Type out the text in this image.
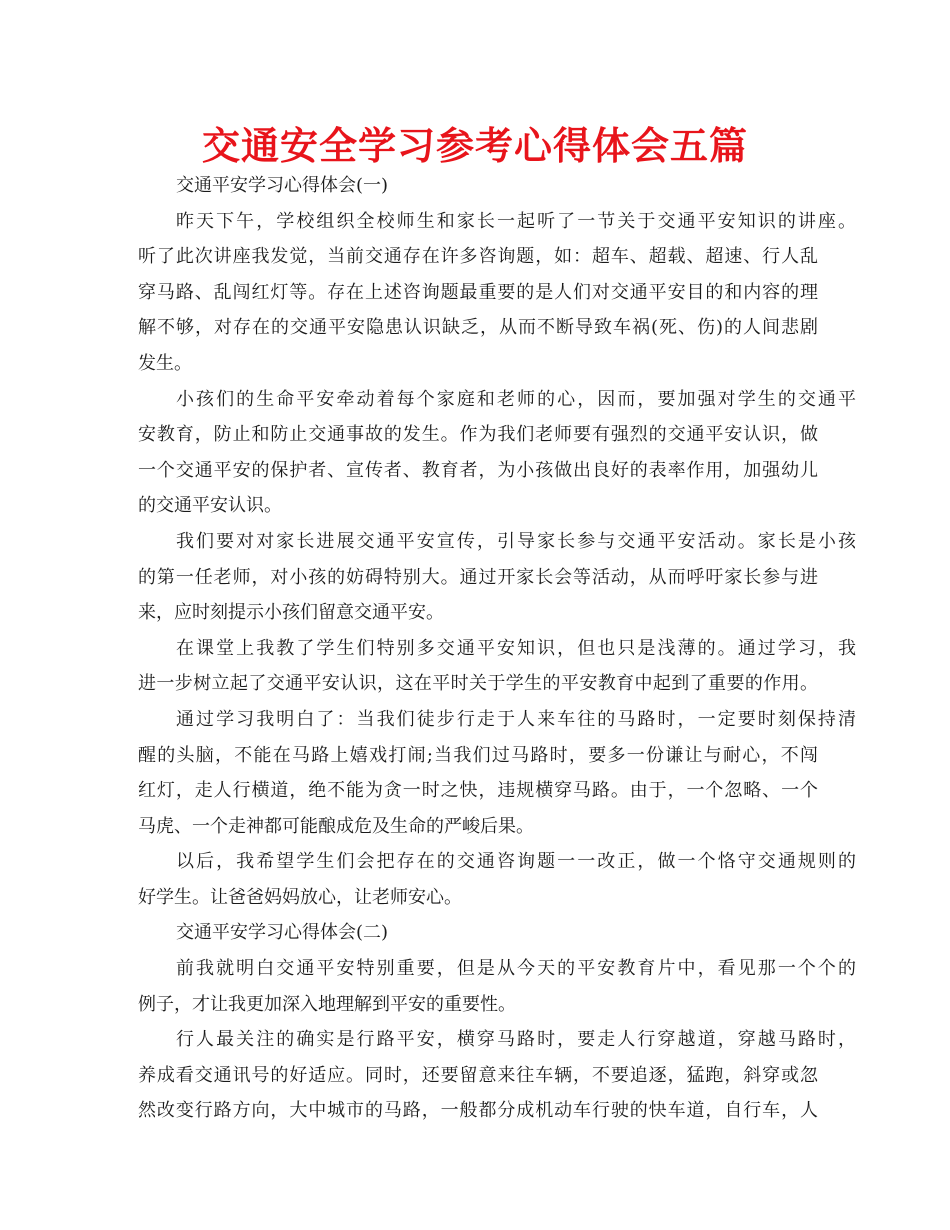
交通安全学习参考心得体会五篇
交通平安学习心得体会(一)
昨天下午，学校组织全校师生和家长一起听了一节关于交通平安知识的讲座。
听了此次讲座我发觉，当前交通存在许多咨询题，如：超车、超载、超速、行人乱
穿马路、乱闯红灯等。存在上述咨询题最重要的是人们对交通平安目的和内容的理
解不够，对存在的交通平安隐患认识缺乏，从而不断导致车祸(死、伤)的人间悲剧
发生。
小孩们的生命平安牵动着每个家庭和老师的心，因而，要加强对学生的交通平
安教育，防止和防止交通事故的发生。作为我们老师要有强烈的交通平安认识，做
一个交通平安的保护者、宣传者、教育者，为小孩做出良好的表率作用，加强幼儿
的交通平安认识。
我们要对对家长进展交通平安宣传，引导家长参与交通平安活动。家长是小孩
的第一任老师，对小孩的妨碍特别大。通过开家长会等活动，从而呼吁家长参与进
来，应时刻提示小孩们留意交通平安。
在课堂上我教了学生们特别多交通平安知识，但也只是浅薄的。通过学习，我
进一步树立起了交通平安认识，这在平时关于学生的平安教育中起到了重要的作用。
通过学习我明白了：当我们徒步行走于人来车往的马路时，一定要时刻保持清
醒的头脑，不能在马路上嬉戏打闹;当我们过马路时，要多一份谦让与耐心，不闯
红灯，走人行横道，绝不能为贪一时之快，违规横穿马路。由于，一个忽略、一个
马虎、一个走神都可能酿成危及生命的严峻后果。
以后，我希望学生们会把存在的交通咨询题一一改正，做一个恪守交通规则的
好学生。让爸爸妈妈放心，让老师安心。
交通平安学习心得体会(二)
前我就明白交通平安特别重要，但是从今天的平安教育片中，看见那一个个的
例子，才让我更加深入地理解到平安的重要性。
行人最关注的确实是行路平安，横穿马路时，要走人行穿越道，穿越马路时，
养成看交通讯号的好适应。同时，还要留意来往车辆，不要追逐，猛跑，斜穿或忽
然改变行路方向，大中城市的马路，一般都分成机动车行驶的快车道，自行车，人
